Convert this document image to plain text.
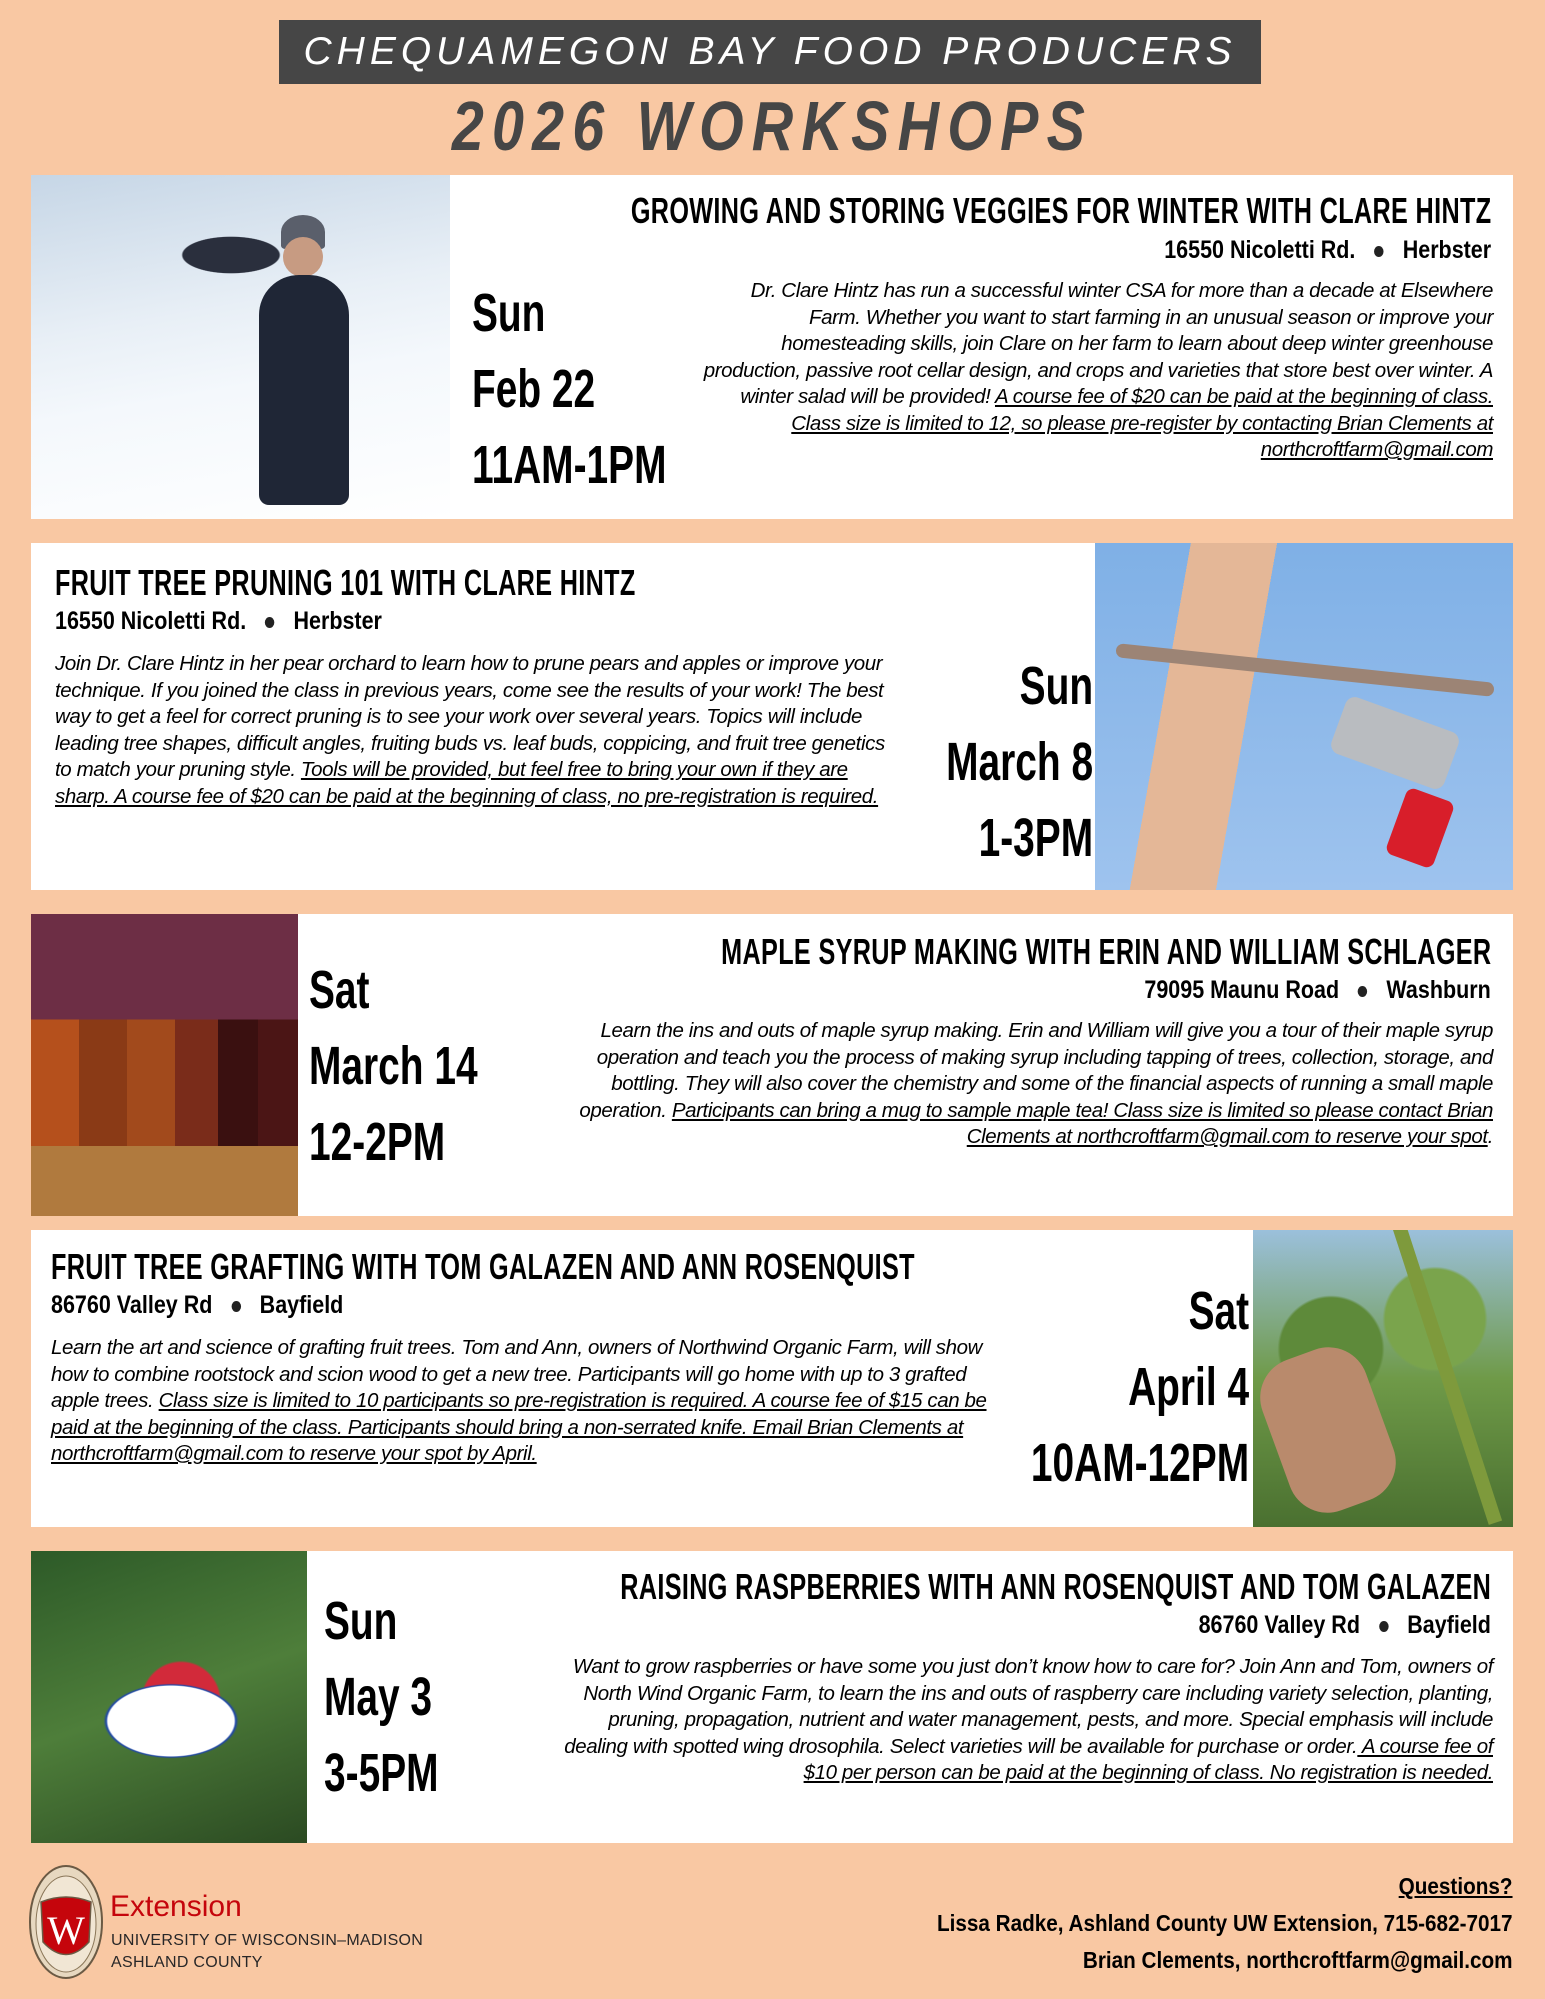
CHEQUAMEGON BAY FOOD PRODUCERS
2026 WORKSHOPS
Sun
Feb 22
11AM-1PM
GROWING AND STORING VEGGIES FOR WINTER WITH CLARE HINTZ
16550 Nicoletti Rd. Herbster
Dr. Clare Hintz has run a successful winter CSA for more than a decade at Elsewhere Farm. Whether you want to start farming in an unusual season or improve your homesteading skills, join Clare on her farm to learn about deep winter greenhouse production, passive root cellar design, and crops and varieties that store best over winter. A winter salad will be provided! A course fee of $20 can be paid at the beginning of class. Class size is limited to 12, so please pre-register by contacting Brian Clements at northcroftfarm@gmail.com
FRUIT TREE PRUNING 101 WITH CLARE HINTZ
16550 Nicoletti Rd. Herbster
Join Dr. Clare Hintz in her pear orchard to learn how to prune pears and apples or improve your technique. If you joined the class in previous years, come see the results of your work! The best way to get a feel for correct pruning is to see your work over several years. Topics will include leading tree shapes, difficult angles, fruiting buds vs. leaf buds, coppicing, and fruit tree genetics to match your pruning style. Tools will be provided, but feel free to bring your own if they are sharp. A course fee of $20 can be paid at the beginning of class, no pre-registration is required.
Sun
March 8
1-3PM
Sat
March 14
12-2PM
MAPLE SYRUP MAKING WITH ERIN AND WILLIAM SCHLAGER
79095 Maunu Road Washburn
Learn the ins and outs of maple syrup making. Erin and William will give you a tour of their maple syrup operation and teach you the process of making syrup including tapping of trees, collection, storage, and bottling. They will also cover the chemistry and some of the financial aspects of running a small maple operation. Participants can bring a mug to sample maple tea! Class size is limited so please contact Brian Clements at northcroftfarm@gmail.com to reserve your spot.
FRUIT TREE GRAFTING WITH TOM GALAZEN AND ANN ROSENQUIST
86760 Valley Rd Bayfield
Learn the art and science of grafting fruit trees. Tom and Ann, owners of Northwind Organic Farm, will show how to combine rootstock and scion wood to get a new tree. Participants will go home with up to 3 grafted apple trees. Class size is limited to 10 participants so pre-registration is required. A course fee of $15 can be paid at the beginning of the class. Participants should bring a non-serrated knife. Email Brian Clements at northcroftfarm@gmail.com to reserve your spot by April.
Sat
April 4
10AM-12PM
Sun
May 3
3-5PM
RAISING RASPBERRIES WITH ANN ROSENQUIST AND TOM GALAZEN
86760 Valley Rd Bayfield
Want to grow raspberries or have some you just don’t know how to care for? Join Ann and Tom, owners of North Wind Organic Farm, to learn the ins and outs of raspberry care including variety selection, planting, pruning, propagation, nutrient and water management, pests, and more. Special emphasis will include dealing with spotted wing drosophila. Select varieties will be available for purchase or order. A course fee of $10 per person can be paid at the beginning of class. No registration is needed.
W
Extension
UNIVERSITY OF WISCONSIN–MADISON
ASHLAND COUNTY
Questions?
Lissa Radke, Ashland County UW Extension, 715-682-7017
Brian Clements, northcroftfarm@gmail.com
